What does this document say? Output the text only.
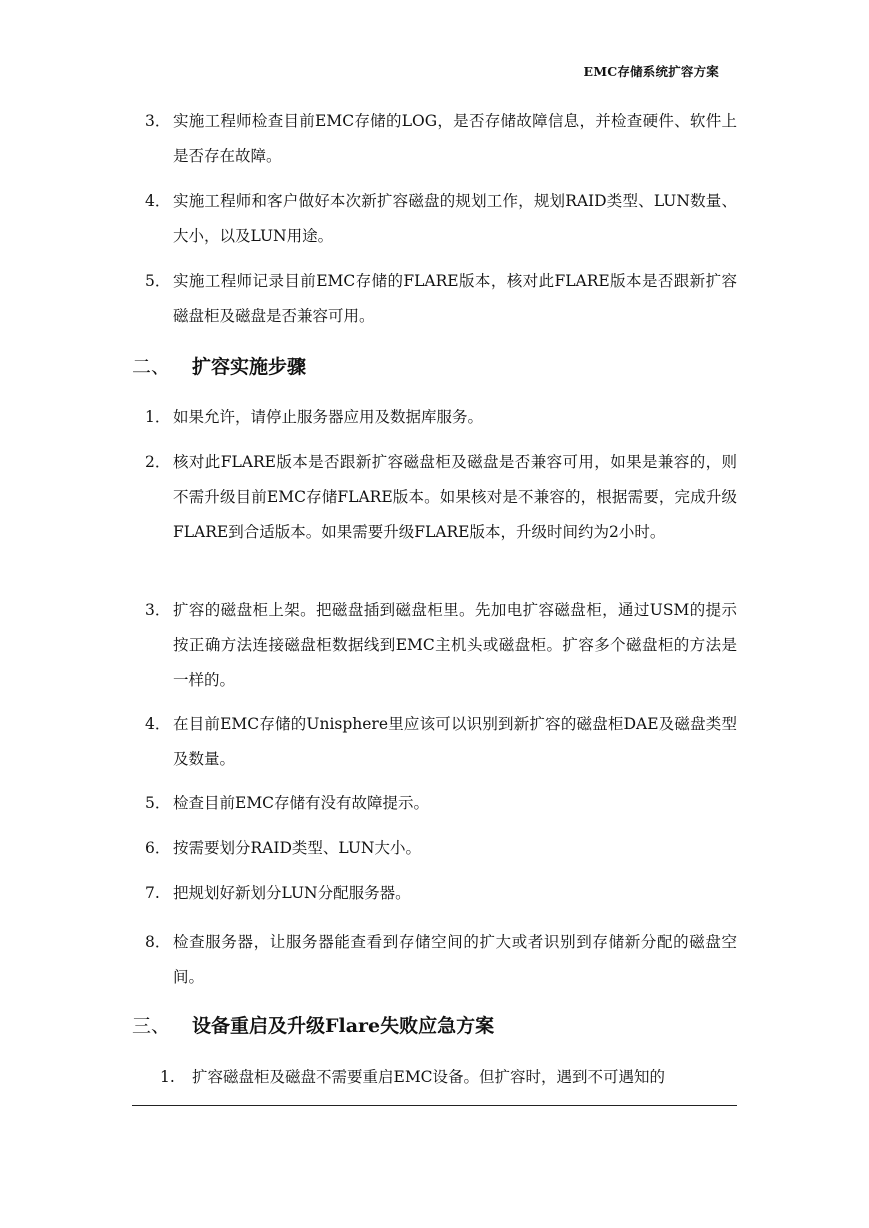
EMC存储系统扩容方案
3． 实施工程师检查目前EMC存储的LOG，是否存储故障信息，并检查硬件、软件上是否存在故障。
4． 实施工程师和客户做好本次新扩容磁盘的规划工作，规划RAID类型、LUN数量、大小，以及LUN用途。
5． 实施工程师记录目前EMC存储的FLARE版本，核对此FLARE版本是否跟新扩容磁盘柜及磁盘是否兼容可用。
二、 扩容实施步骤
1． 如果允许，请停止服务器应用及数据库服务。
2． 核对此FLARE版本是否跟新扩容磁盘柜及磁盘是否兼容可用，如果是兼容的，则不需升级目前EMC存储FLARE版本。如果核对是不兼容的，根据需要，完成升级FLARE到合适版本。如果需要升级FLARE版本，升级时间约为2小时。
3． 扩容的磁盘柜上架。把磁盘插到磁盘柜里。先加电扩容磁盘柜，通过USM的提示按正确方法连接磁盘柜数据线到EMC主机头或磁盘柜。扩容多个磁盘柜的方法是一样的。
4． 在目前EMC存储的Unisphere里应该可以识别到新扩容的磁盘柜DAE及磁盘类型及数量。
5． 检查目前EMC存储有没有故障提示。
6． 按需要划分RAID类型、LUN大小。
7. 把规划好新划分LUN分配服务器。
8． 检查服务器，让服务器能查看到存储空间的扩大或者识别到存储新分配的磁盘空间。
三、 设备重启及升级Flare失败应急方案
1.	扩容磁盘柜及磁盘不需要重启EMC设备。但扩容时，遇到不可遇知的
